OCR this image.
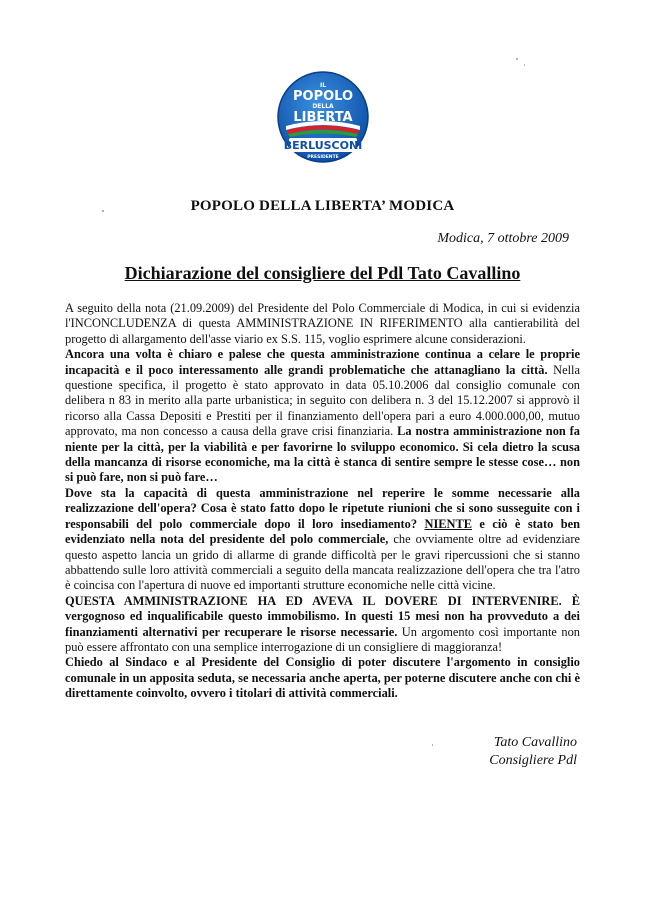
IL
POPOLO
DELLA
LIBERTA
BERLUSCONI
PRESIDENTE
POPOLO DELLA LIBERTA’ MODICA
Modica, 7 ottobre 2009
Dichiarazione del consigliere del Pdl Tato Cavallino

A seguito della nota (21.09.2009) del Presidente del Polo Commerciale di Modica, in cui si evidenzia l'INCONCLUDENZA di questa AMMINISTRAZIONE IN RIFERIMENTO alla cantierabilità del progetto di allargamento dell'asse viario ex S.S. 115, voglio esprimere alcune considerazioni.

Ancora una volta è chiaro e palese che questa amministrazione continua a celare le proprie incapacità e il poco interessamento alle grandi problematiche che attanagliano la città. Nella questione specifica, il progetto è stato approvato in data 05.10.2006 dal consiglio comunale con delibera n 83 in merito alla parte urbanistica; in seguito con delibera n. 3 del 15.12.2007 si approvò il ricorso alla Cassa Depositi e Prestiti per il finanziamento dell'opera pari a euro 4.000.000,00, mutuo approvato, ma non concesso a causa della grave crisi finanziaria. La nostra amministrazione non fa niente per la città, per la viabilità e per favorirne lo sviluppo economico. Si cela dietro la scusa della mancanza di risorse economiche, ma la città è stanca di sentire sempre le stesse cose… non si può fare, non si può fare…

Dove sta la capacità di questa amministrazione nel reperire le somme necessarie alla realizzazione dell'opera? Cosa è stato fatto dopo le ripetute riunioni che si sono susseguite con i responsabili del polo commerciale dopo il loro insediamento? NIENTE e ciò è stato ben evidenziato nella nota del presidente del polo commerciale, che ovviamente oltre ad evidenziare questo aspetto lancia un grido di allarme di grande difficoltà per le gravi ripercussioni che si stanno abbattendo sulle loro attività commerciali a seguito della mancata realizzazione dell'opera che tra l'atro è coincisa con l'apertura di nuove ed importanti strutture economiche nelle città vicine.

QUESTA AMMINISTRAZIONE HA ED AVEVA IL DOVERE DI INTERVENIRE. È vergognoso ed inqualificabile questo immobilismo. In questi 15 mesi non ha provveduto a dei finanziamenti alternativi per recuperare le risorse necessarie. Un argomento così importante non può essere affrontato con una semplice interrogazione di un consigliere di maggioranza!

Chiedo al Sindaco e al Presidente del Consiglio di poter discutere l'argomento in consiglio comunale in un apposita seduta, se necessaria anche aperta, per poterne discutere anche con chi è direttamente coinvolto, ovvero i titolari di attività commerciali.

Tato Cavallino
Consigliere Pdl
